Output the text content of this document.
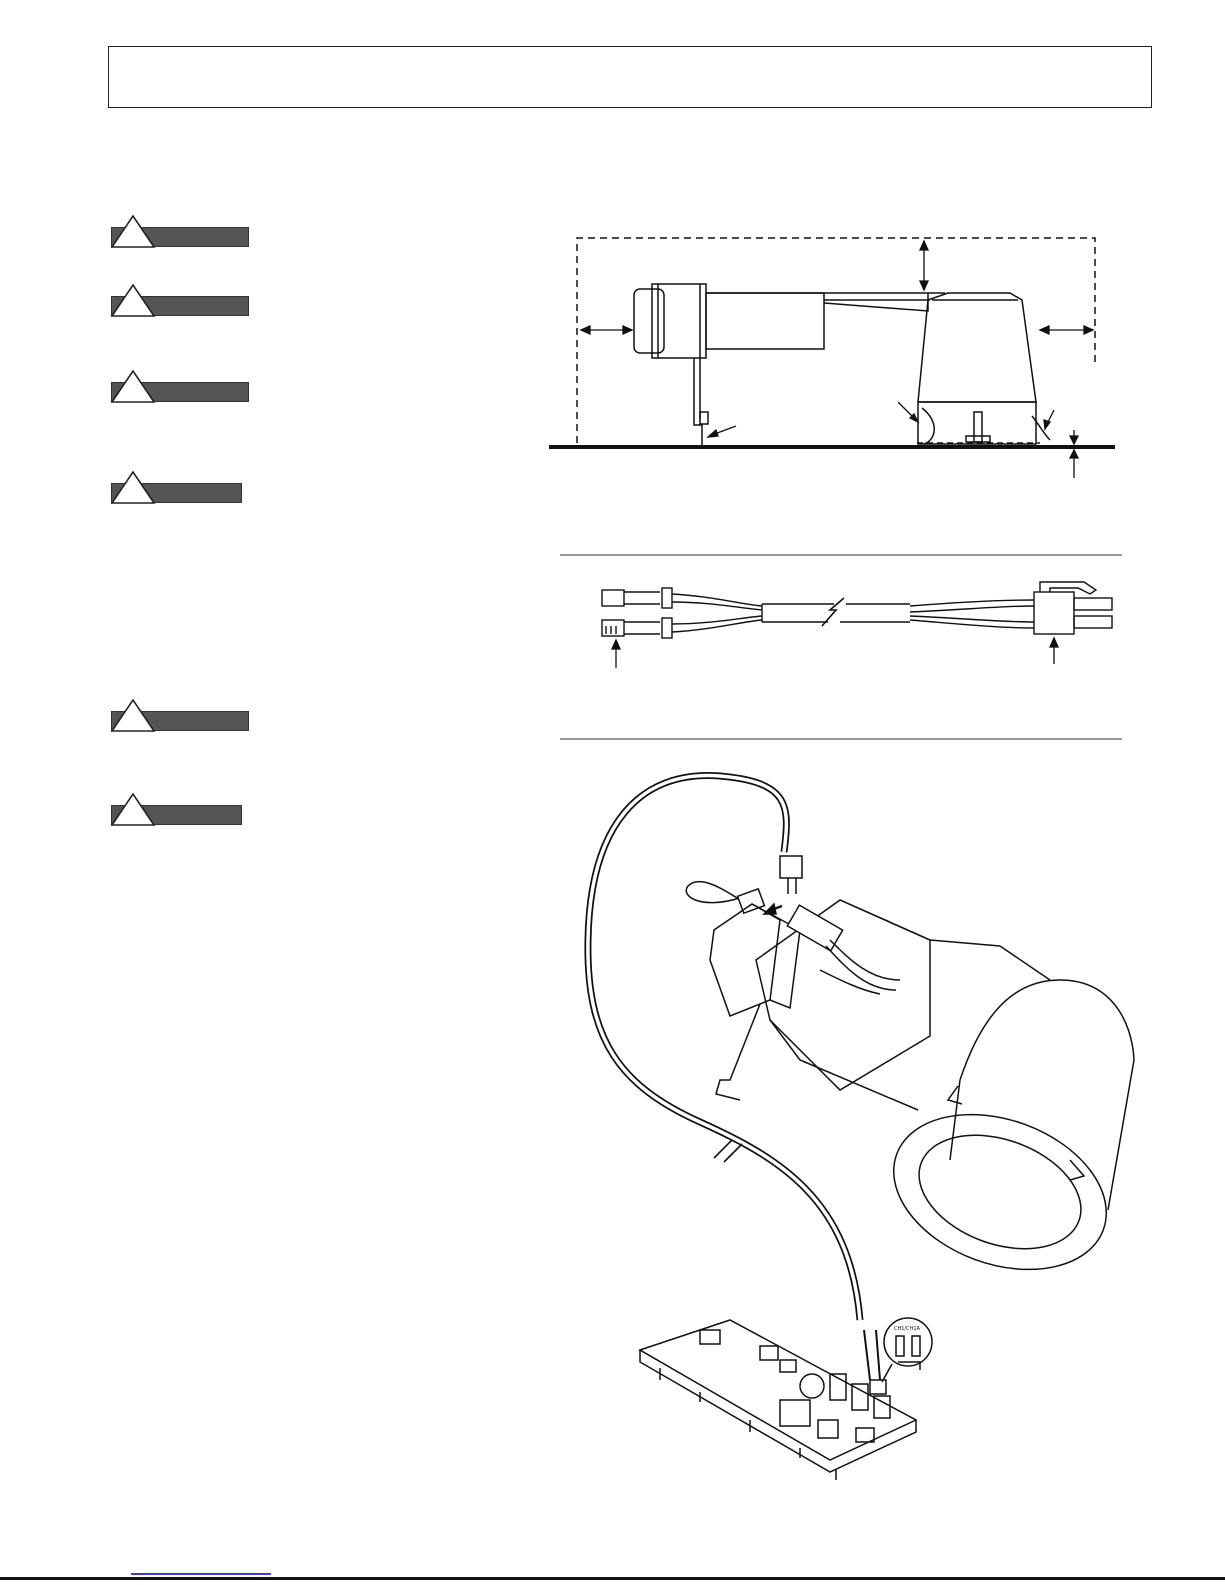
CH1/CH1A
